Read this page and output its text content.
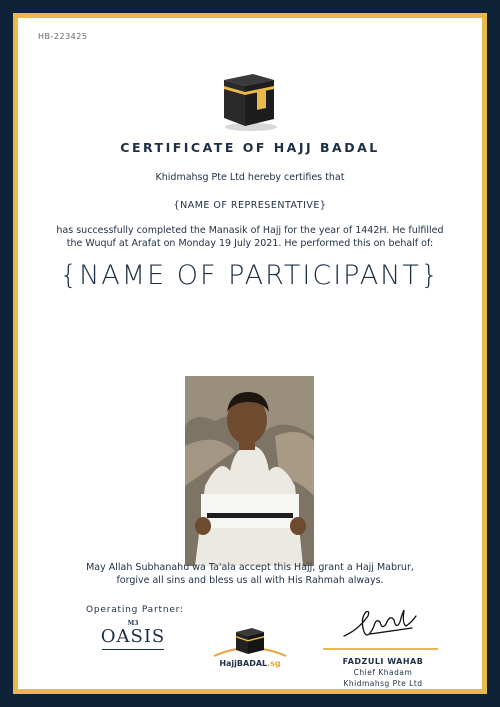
HB-223425
CERTIFICATE OF HAJJ BADAL
Khidmahsg Pte Ltd hereby certifies that
{NAME OF REPRESENTATIVE}
has successfully completed the Manasik of Hajj for the year of 1442H. He fulfilled
the Wuquf at Arafat on Monday 19 July 2021. He performed this on behalf of:
{NAME OF PARTICIPANT}
May Allah Subhanahu wa Ta'ala accept this Hajj, grant a Hajj Mabrur,
forgive all sins and bless us all with His Rahmah always.
Operating Partner:
M3
OASIS
HajjBADAL.sg	FADZULI WAHAB
Chief Khadam
Khidmahsg Pte Ltd
